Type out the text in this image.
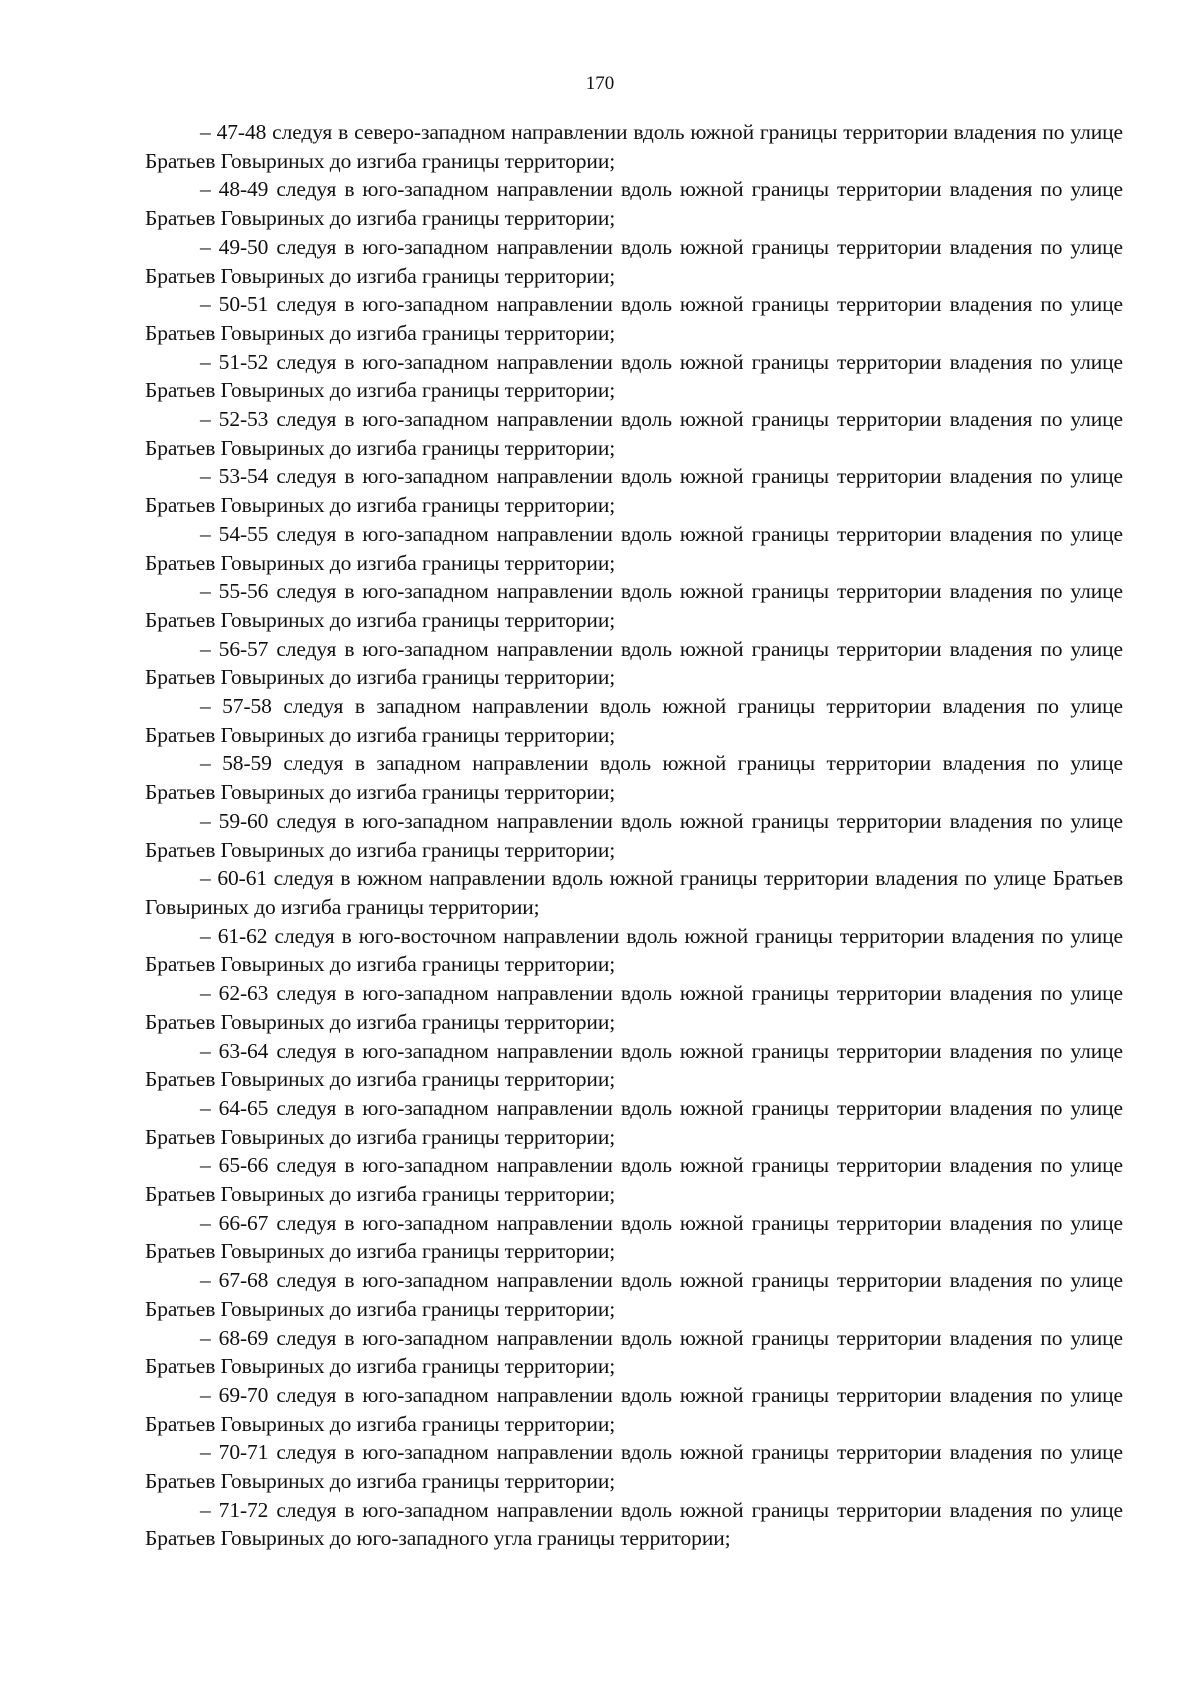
170

– 47-48 следуя в северо-западном направлении вдоль южной границы территории владения по улице Братьев Говыриных до изгиба границы территории;

– 48-49 следуя в юго-западном направлении вдоль южной границы территории владения по улице Братьев Говыриных до изгиба границы территории;

– 49-50 следуя в юго-западном направлении вдоль южной границы территории владения по улице Братьев Говыриных до изгиба границы территории;

– 50-51 следуя в юго-западном направлении вдоль южной границы территории владения по улице Братьев Говыриных до изгиба границы территории;

– 51-52 следуя в юго-западном направлении вдоль южной границы территории владения по улице Братьев Говыриных до изгиба границы территории;

– 52-53 следуя в юго-западном направлении вдоль южной границы территории владения по улице Братьев Говыриных до изгиба границы территории;

– 53-54 следуя в юго-западном направлении вдоль южной границы территории владения по улице Братьев Говыриных до изгиба границы территории;

– 54-55 следуя в юго-западном направлении вдоль южной границы территории владения по улице Братьев Говыриных до изгиба границы территории;

– 55-56 следуя в юго-западном направлении вдоль южной границы территории владения по улице Братьев Говыриных до изгиба границы территории;

– 56-57 следуя в юго-западном направлении вдоль южной границы территории владения по улице Братьев Говыриных до изгиба границы территории;

– 57-58 следуя в западном направлении вдоль южной границы территории владения по улице Братьев Говыриных до изгиба границы территории;

– 58-59 следуя в западном направлении вдоль южной границы территории владения по улице Братьев Говыриных до изгиба границы территории;

– 59-60 следуя в юго-западном направлении вдоль южной границы территории владения по улице Братьев Говыриных до изгиба границы территории;

– 60-61 следуя в южном направлении вдоль южной границы территории владения по улице Братьев Говыриных до изгиба границы территории;

– 61-62 следуя в юго-восточном направлении вдоль южной границы территории владения по улице Братьев Говыриных до изгиба границы территории;

– 62-63 следуя в юго-западном направлении вдоль южной границы территории владения по улице Братьев Говыриных до изгиба границы территории;

– 63-64 следуя в юго-западном направлении вдоль южной границы территории владения по улице Братьев Говыриных до изгиба границы территории;

– 64-65 следуя в юго-западном направлении вдоль южной границы территории владения по улице Братьев Говыриных до изгиба границы территории;

– 65-66 следуя в юго-западном направлении вдоль южной границы территории владения по улице Братьев Говыриных до изгиба границы территории;

– 66-67 следуя в юго-западном направлении вдоль южной границы территории владения по улице Братьев Говыриных до изгиба границы территории;

– 67-68 следуя в юго-западном направлении вдоль южной границы территории владения по улице Братьев Говыриных до изгиба границы территории;

– 68-69 следуя в юго-западном направлении вдоль южной границы территории владения по улице Братьев Говыриных до изгиба границы территории;

– 69-70 следуя в юго-западном направлении вдоль южной границы территории владения по улице Братьев Говыриных до изгиба границы территории;

– 70-71 следуя в юго-западном направлении вдоль южной границы территории владения по улице Братьев Говыриных до изгиба границы территории;

– 71-72 следуя в юго-западном направлении вдоль южной границы территории владения по улице Братьев Говыриных до юго-западного угла границы территории;
